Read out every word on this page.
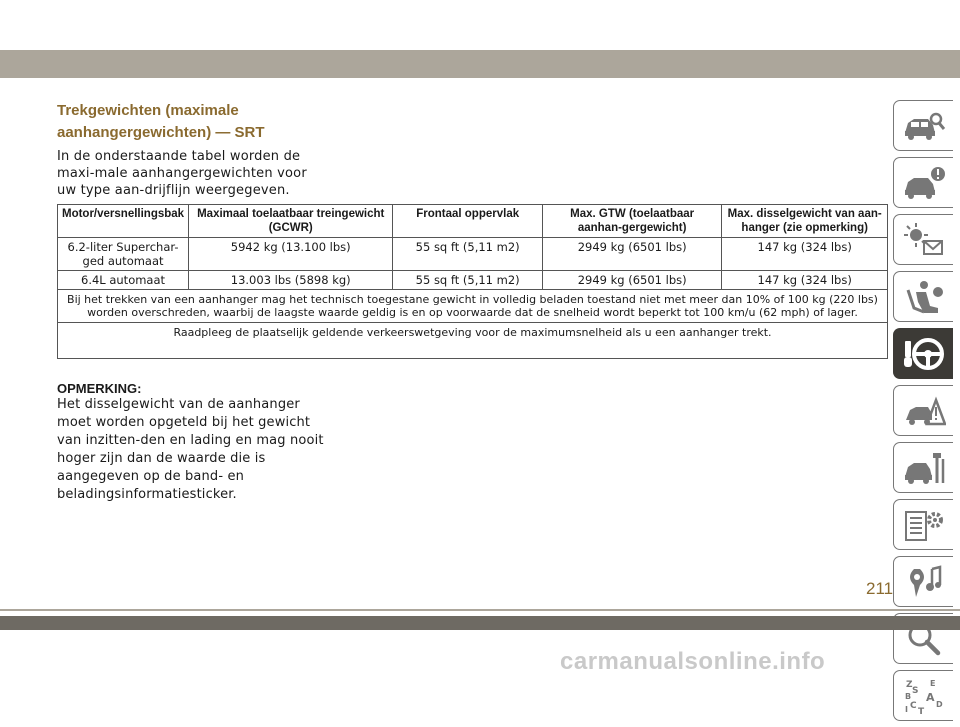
Trekgewichten (maximale
aanhangergewichten) — SRT
In de onderstaande tabel worden de maxi-male aanhangergewichten voor uw type aan-drijflijn weergegeven.
Motor/versnellingsbak	Maximaal toelaatbaar treingewicht (GCWR)	Frontaal oppervlak	Max. GTW (toelaatbaar aanhan-gergewicht)	Max. disselgewicht van aan-hanger (zie opmerking)
6.2-liter Superchar-ged automaat	5942 kg (13.100 lbs)	55 sq ft (5,11 m2)	2949 kg (6501 lbs)	147 kg (324 lbs)
6.4L automaat	13.003 lbs (5898 kg)	55 sq ft (5,11 m2)	2949 kg (6501 lbs)	147 kg (324 lbs)
Bij het trekken van een aanhanger mag het technisch toegestane gewicht in volledig beladen toestand niet met meer dan 10% of 100 kg (220 lbs) worden overschreden, waarbij de laagste waarde geldig is en op voorwaarde dat de snelheid wordt beperkt tot 100 km/u (62 mph) of lager.				
Raadpleeg de plaatselijk geldende verkeerswetgeving voor de maximumsnelheid als u een aanhanger trekt.				
OPMERKING:
Het disselgewicht van de aanhanger moet worden opgeteld bij het gewicht van inzitten-den en lading en mag nooit hoger zijn dan de waarde die is aangegeven op de band- en beladingsinformatiesticker.
Z E
S
B A
C D
I T
211
carmanualsonline.info
